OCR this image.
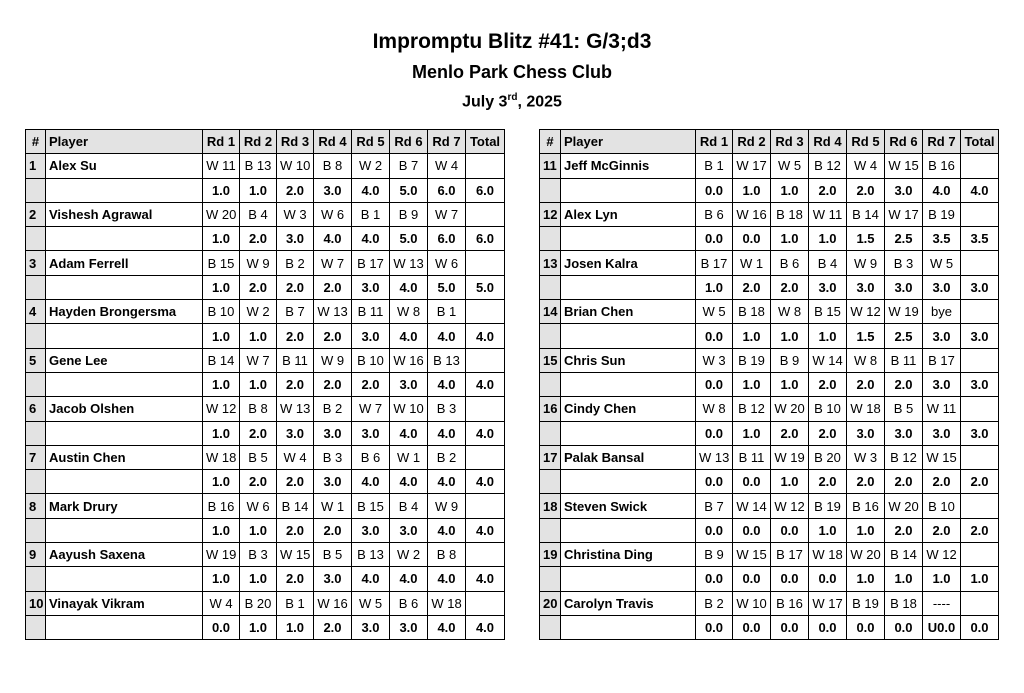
Impromptu Blitz #41: G/3;d3
Menlo Park Chess Club
July 3rd, 2025
#	Player	Rd 1	Rd 2	Rd 3	Rd 4	Rd 5	Rd 6	Rd 7	Total
1	Alex Su	W 11	B 13	W 10	B 8	W 2	B 7	W 4	
		1.0	1.0	2.0	3.0	4.0	5.0	6.0	6.0
2	Vishesh Agrawal	W 20	B 4	W 3	W 6	B 1	B 9	W 7	
		1.0	2.0	3.0	4.0	4.0	5.0	6.0	6.0
3	Adam Ferrell	B 15	W 9	B 2	W 7	B 17	W 13	W 6	
		1.0	2.0	2.0	2.0	3.0	4.0	5.0	5.0
4	Hayden Brongersma	B 10	W 2	B 7	W 13	B 11	W 8	B 1	
		1.0	1.0	2.0	2.0	3.0	4.0	4.0	4.0
5	Gene Lee	B 14	W 7	B 11	W 9	B 10	W 16	B 13	
		1.0	1.0	2.0	2.0	2.0	3.0	4.0	4.0
6	Jacob Olshen	W 12	B 8	W 13	B 2	W 7	W 10	B 3	
		1.0	2.0	3.0	3.0	3.0	4.0	4.0	4.0
7	Austin Chen	W 18	B 5	W 4	B 3	B 6	W 1	B 2	
		1.0	2.0	2.0	3.0	4.0	4.0	4.0	4.0
8	Mark Drury	B 16	W 6	B 14	W 1	B 15	B 4	W 9	
		1.0	1.0	2.0	2.0	3.0	3.0	4.0	4.0
9	Aayush Saxena	W 19	B 3	W 15	B 5	B 13	W 2	B 8	
		1.0	1.0	2.0	3.0	4.0	4.0	4.0	4.0
10	Vinayak Vikram	W 4	B 20	B 1	W 16	W 5	B 6	W 18	
		0.0	1.0	1.0	2.0	3.0	3.0	4.0	4.0
#	Player	Rd 1	Rd 2	Rd 3	Rd 4	Rd 5	Rd 6	Rd 7	Total
11	Jeff McGinnis	B 1	W 17	W 5	B 12	W 4	W 15	B 16	
		0.0	1.0	1.0	2.0	2.0	3.0	4.0	4.0
12	Alex Lyn	B 6	W 16	B 18	W 11	B 14	W 17	B 19	
		0.0	0.0	1.0	1.0	1.5	2.5	3.5	3.5
13	Josen Kalra	B 17	W 1	B 6	B 4	W 9	B 3	W 5	
		1.0	2.0	2.0	3.0	3.0	3.0	3.0	3.0
14	Brian Chen	W 5	B 18	W 8	B 15	W 12	W 19	bye	
		0.0	1.0	1.0	1.0	1.5	2.5	3.0	3.0
15	Chris Sun	W 3	B 19	B 9	W 14	W 8	B 11	B 17	
		0.0	1.0	1.0	2.0	2.0	2.0	3.0	3.0
16	Cindy Chen	W 8	B 12	W 20	B 10	W 18	B 5	W 11	
		0.0	1.0	2.0	2.0	3.0	3.0	3.0	3.0
17	Palak Bansal	W 13	B 11	W 19	B 20	W 3	B 12	W 15	
		0.0	0.0	1.0	2.0	2.0	2.0	2.0	2.0
18	Steven Swick	B 7	W 14	W 12	B 19	B 16	W 20	B 10	
		0.0	0.0	0.0	1.0	1.0	2.0	2.0	2.0
19	Christina Ding	B 9	W 15	B 17	W 18	W 20	B 14	W 12	
		0.0	0.0	0.0	0.0	1.0	1.0	1.0	1.0
20	Carolyn Travis	B 2	W 10	B 16	W 17	B 19	B 18	----	
		0.0	0.0	0.0	0.0	0.0	0.0	U0.0	0.0
